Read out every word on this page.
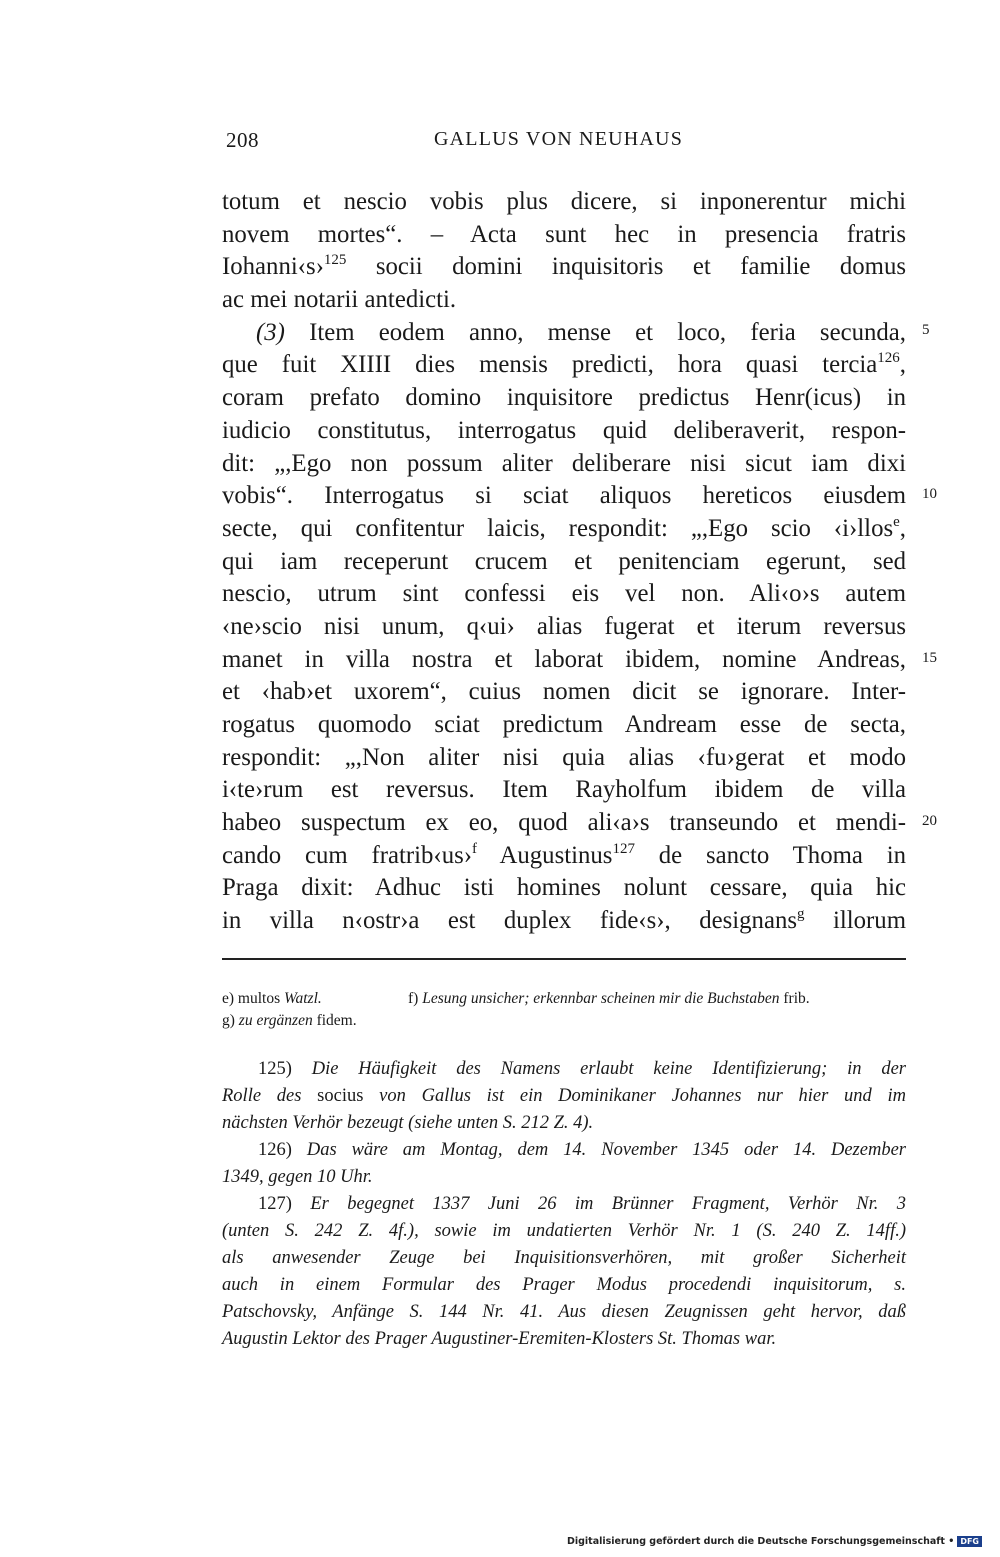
208	GALLUS VON NEUHAUS
totum et nescio vobis plus dicere, si inponerentur michi
novem mortes“. – Acta sunt hec in presencia fratris
Iohanni‹s›$^{125}$ socii domini inquisitoris et familie domus
ac mei notarii antedicti.
(3) Item eodem anno, mense et loco, feria secunda,
que fuit XIIII dies mensis predicti, hora quasi tercia$^{126}$,
coram prefato domino inquisitore predictus Henr(icus) in
iudicio constitutus, interrogatus quid deliberaverit, respon-
dit: „,Ego non possum aliter deliberare nisi sicut iam dixi
vobis“. Interrogatus si sciat aliquos hereticos eiusdem
secte, qui confitentur laicis, respondit: „,Ego scio ‹i›llos$^e$,
qui iam receperunt crucem et penitenciam egerunt, sed
nescio, utrum sint confessi eis vel non. Ali‹o›s autem
‹ne›scio nisi unum, q‹ui› alias fugerat et iterum reversus
manet in villa nostra et laborat ibidem, nomine Andreas,
et ‹hab›et uxorem“, cuius nomen dicit se ignorare. Inter-
rogatus quomodo sciat predictum Andream esse de secta,
respondit: „,Non aliter nisi quia alias ‹fu›gerat et modo
i‹te›rum est reversus. Item Rayholfum ibidem de villa
habeo suspectum ex eo, quod ali‹a›s transeundo et mendi-
cando cum fratrib‹us›$^f$ Augustinus$^{127}$ de sancto Thoma in
Praga dixit: Adhuc isti homines nolunt cessare, quia hic
in villa n‹ostr›a est duplex fide‹s›, designans$^g$ illorum
5
10
15
20
e) multos Watzl.	f) Lesung unsicher; erkennbar scheinen mir die Buchstaben frib.
g) zu ergänzen fidem.
125) Die Häufigkeit des Namens erlaubt keine Identifizierung; in der
Rolle des socius von Gallus ist ein Dominikaner Johannes nur hier und im
nächsten Verhör bezeugt (siehe unten S. 212 Z. 4).
126) Das wäre am Montag, dem 14. November 1345 oder 14. Dezember
1349, gegen 10 Uhr.
127) Er begegnet 1337 Juni 26 im Brünner Fragment, Verhör Nr. 3
(unten S. 242 Z. 4f.), sowie im undatierten Verhör Nr. 1 (S. 240 Z. 14ff.)
als anwesender Zeuge bei Inquisitionsverhören, mit großer Sicherheit
auch in einem Formular des Prager Modus procedendi inquisitorum, s.
Patschovsky, Anfänge S. 144 Nr. 41. Aus diesen Zeugnissen geht hervor, daß
Augustin Lektor des Prager Augustiner-Eremiten-Klosters St. Thomas war.
Digitalisierung gefördert durch die Deutsche Forschungsgemeinschaft • DFG
